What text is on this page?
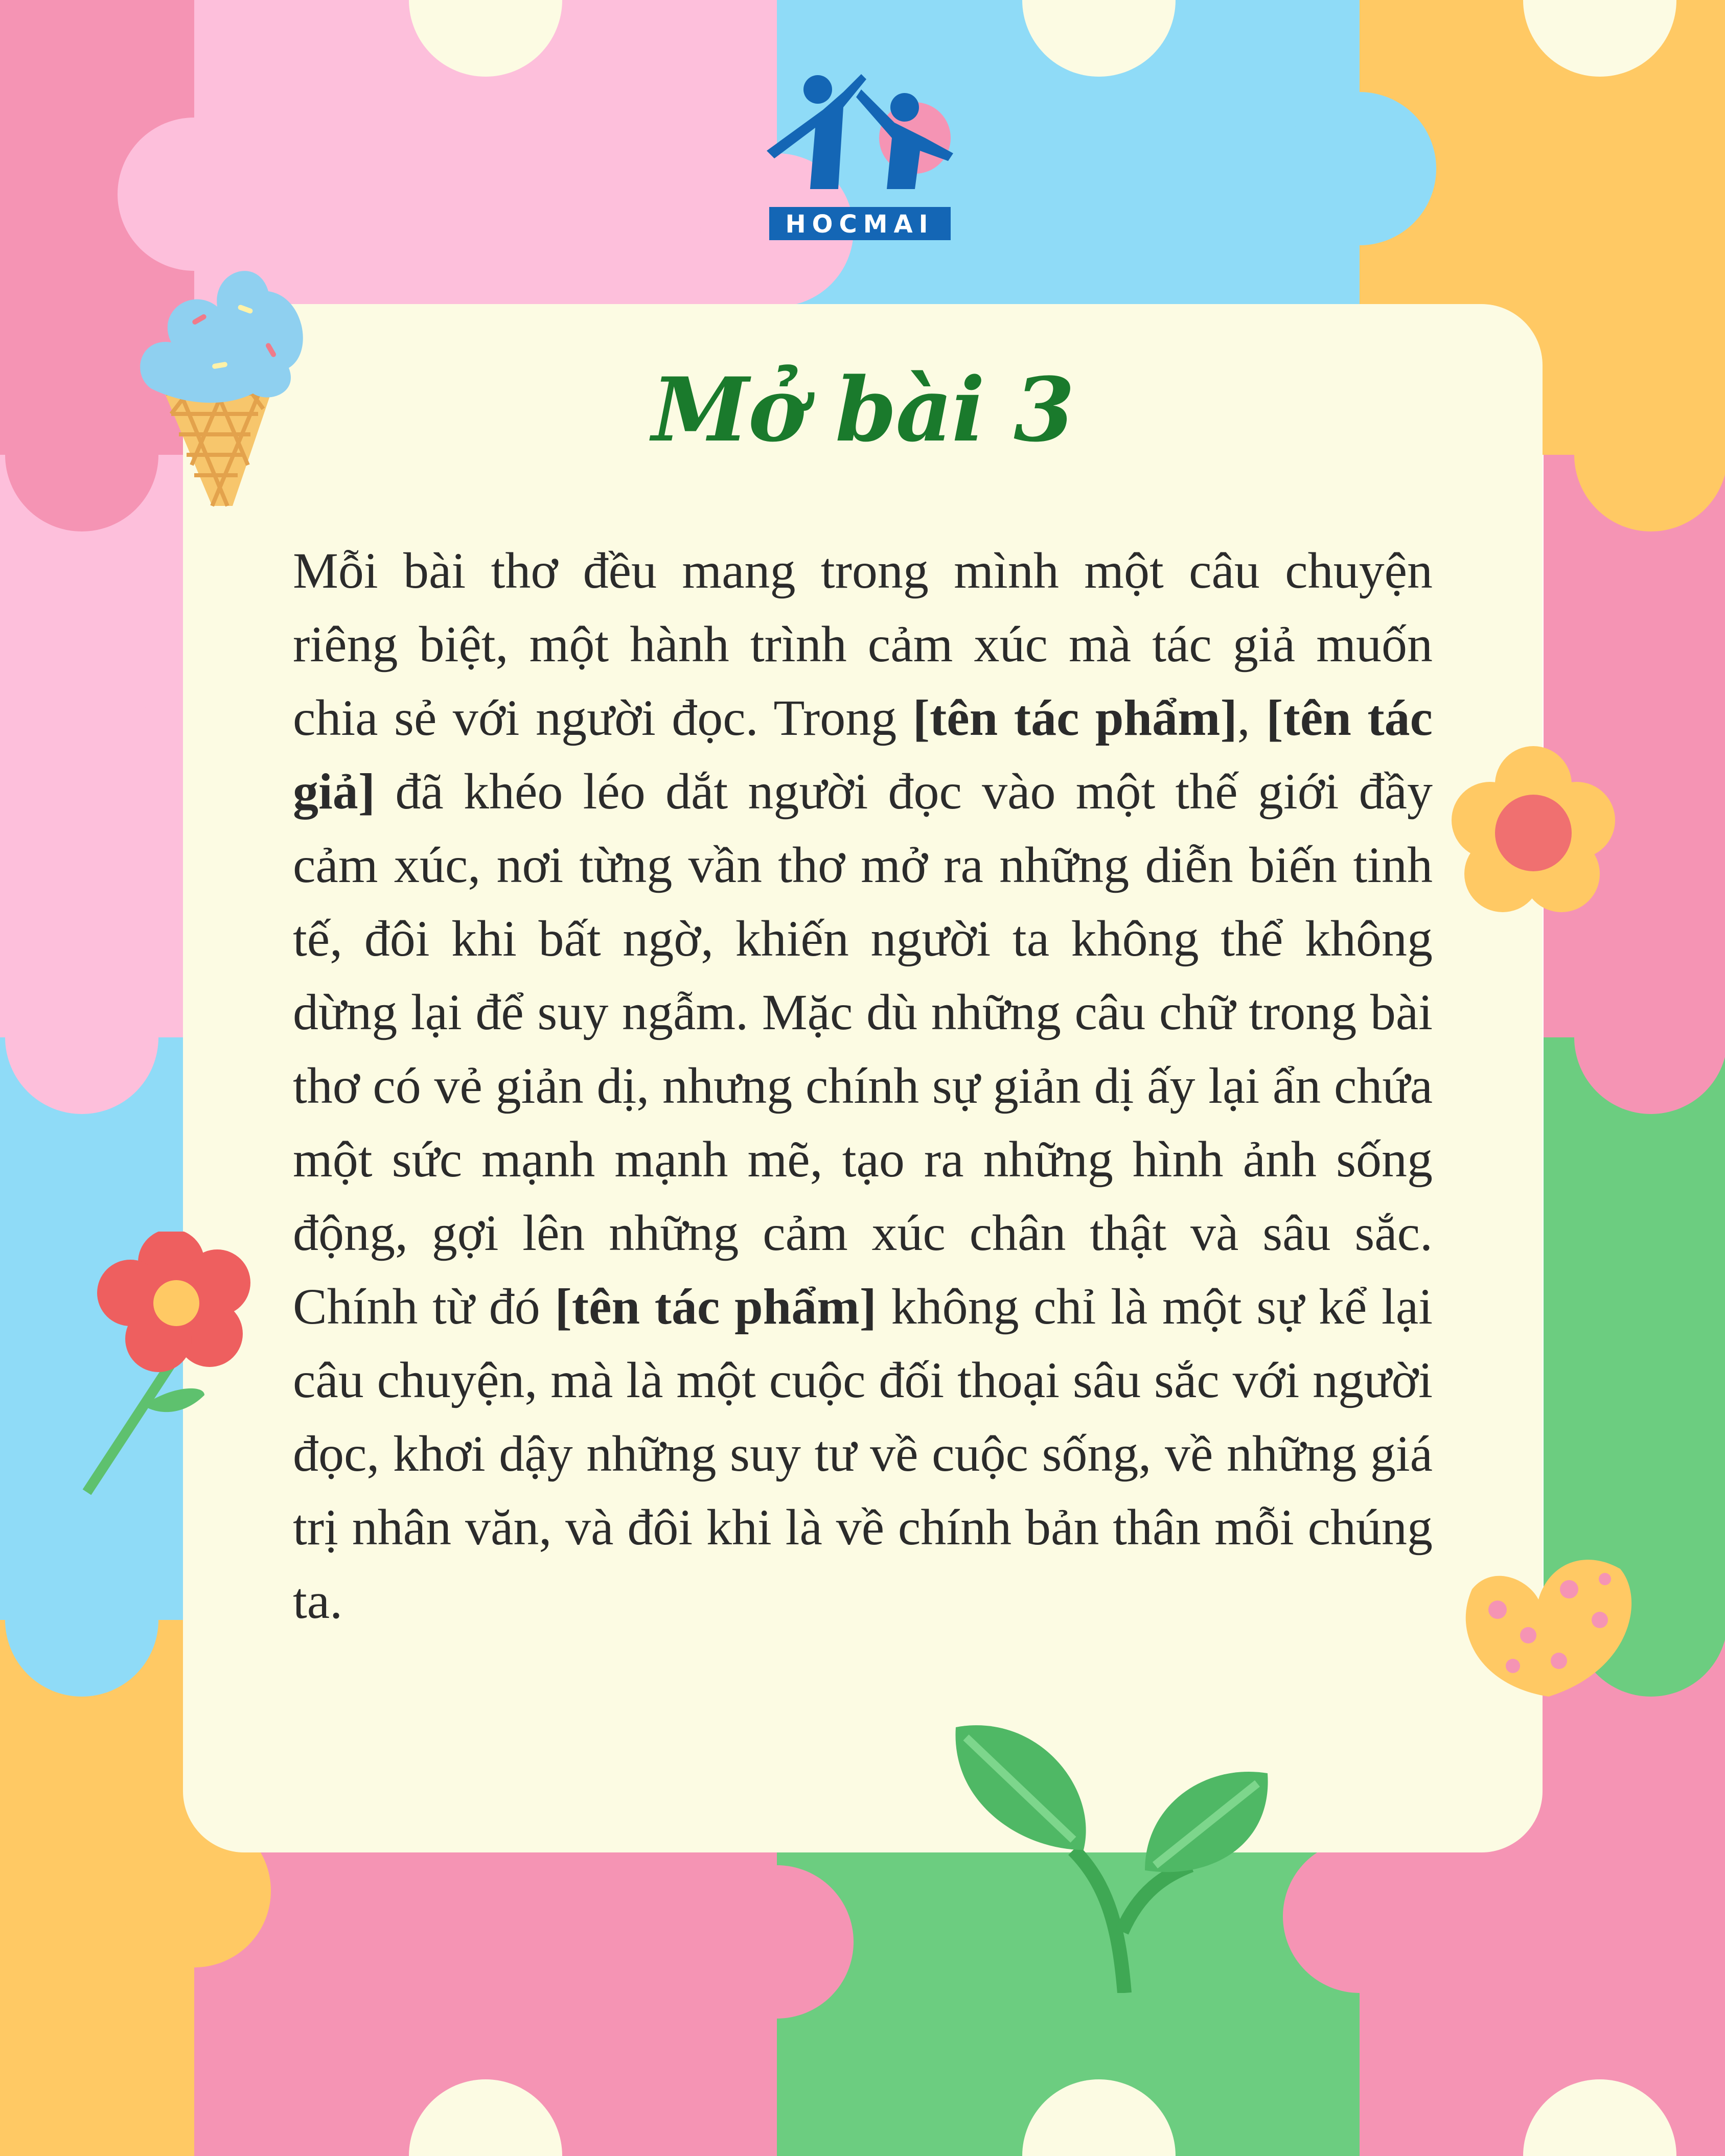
HOCMAI
Mở bài 3
Mỗi bài thơ đều mang trong mình một câu chuyện riêng biệt, một hành trình cảm xúc mà tác giả muốn chia sẻ với người đọc. Trong [tên tác phẩm], [tên tác giả] đã khéo léo dắt người đọc vào một thế giới đầy cảm xúc, nơi từng vần thơ mở ra những diễn biến tinh tế, đôi khi bất ngờ, khiến người ta không thể không dừng lại để suy ngẫm. Mặc dù những câu chữ trong bài thơ có vẻ giản dị, nhưng chính sự giản dị ấy lại ẩn chứa một sức mạnh mạnh mẽ, tạo ra những hình ảnh sống động, gợi lên những cảm xúc chân thật và sâu sắc. Chính từ đó [tên tác phẩm] không chỉ là một sự kể lại câu chuyện, mà là một cuộc đối thoại sâu sắc với người đọc, khơi dậy những suy tư về cuộc sống, về những giá trị nhân văn, và đôi khi là về chính bản thân mỗi chúng ta.
